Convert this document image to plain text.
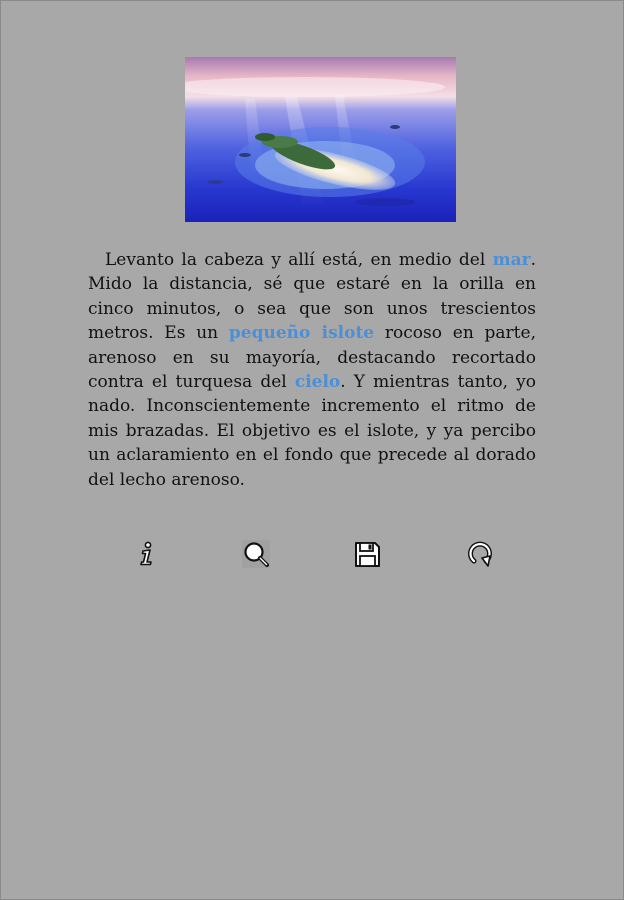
Levanto la cabeza y allí está, en medio del mar. Mido la distancia, sé que estaré en la orilla en cinco minutos, o sea que son unos trescientos metros. Es un pequeño islote rocoso en parte, arenoso en su mayoría, destacando recortado contra el turquesa del cielo. Y mientras tanto, yo nado. Inconscientemente incremento el ritmo de mis brazadas. El objetivo es el islote, y ya percibo un aclaramiento en el fondo que precede al dorado del lecho arenoso.
